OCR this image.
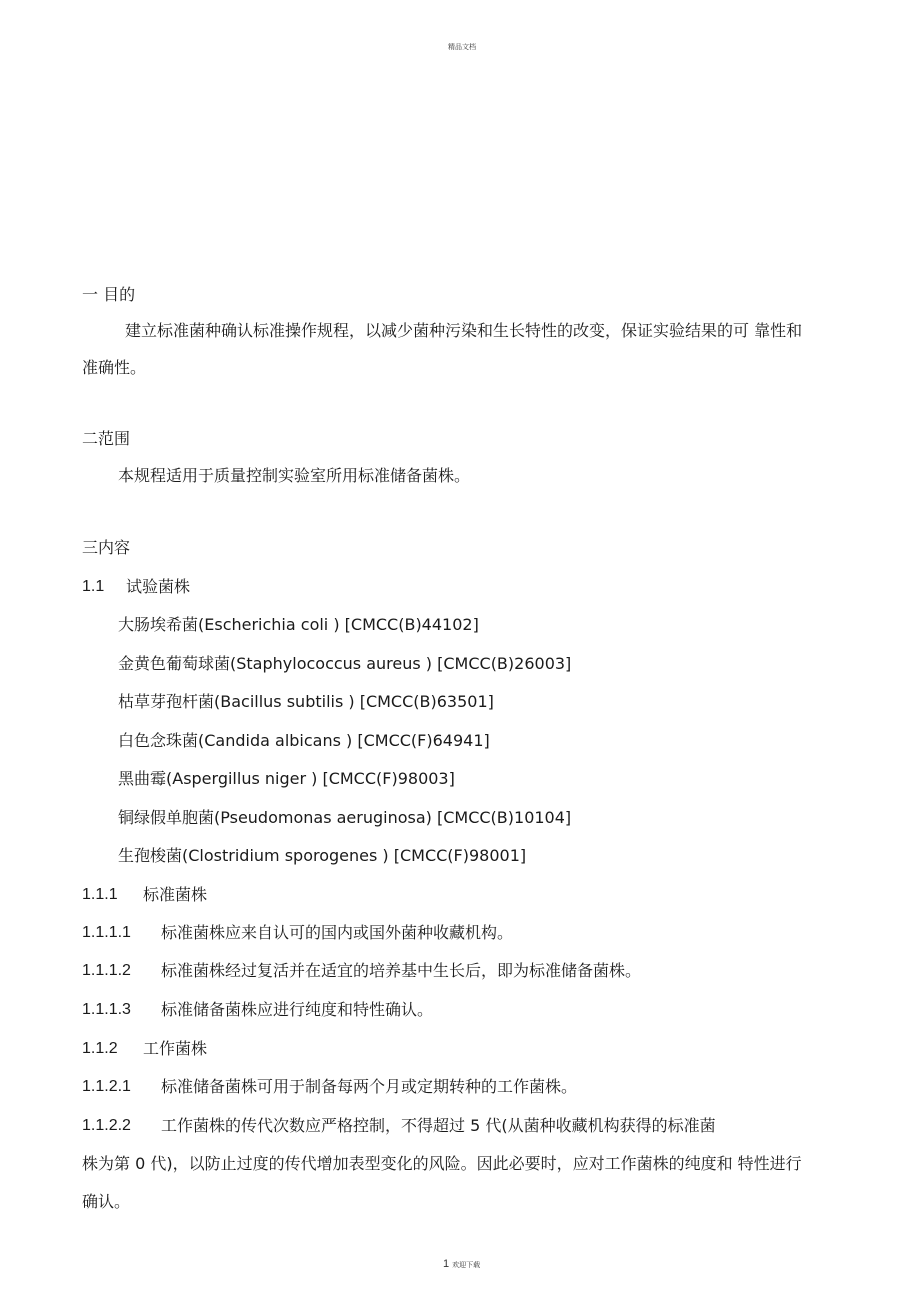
精品文档
一 目的
建立标准菌种确认标准操作规程，以减少菌种污染和生长特性的改变，保证实验结果的可 靠性和
准确性。
二范围
本规程适用于质量控制实验室所用标准储备菌株。
三内容
1.1 试验菌株
大肠埃希菌(Escherichia coli ) [CMCC(B)44102]
金黄色葡萄球菌(Staphylococcus aureus ) [CMCC(B)26003]
枯草芽孢杆菌(Bacillus subtilis ) [CMCC(B)63501]
白色念珠菌(Candida albicans ) [CMCC(F)64941]
黑曲霉(Aspergillus niger ) [CMCC(F)98003]
铜绿假单胞菌(Pseudomonas aeruginosa) [CMCC(B)10104]
生孢梭菌(Clostridium sporogenes ) [CMCC(F)98001]
1.1.1 标准菌株
1.1.1.1 标准菌株应来自认可的国内或国外菌种收藏机构。
1.1.1.2 标准菌株经过复活并在适宜的培养基中生长后，即为标准储备菌株。
1.1.1.3 标准储备菌株应进行纯度和特性确认。
1.1.2 工作菌株
1.1.2.1 标准储备菌株可用于制备每两个月或定期转种的工作菌株。
1.1.2.2 工作菌株的传代次数应严格控制，不得超过 5 代(从菌种收藏机构获得的标准菌
株为第 0 代)，以防止过度的传代增加表型变化的风险。因此必要时，应对工作菌株的纯度和 特性进行
确认。
1 欢迎下载
